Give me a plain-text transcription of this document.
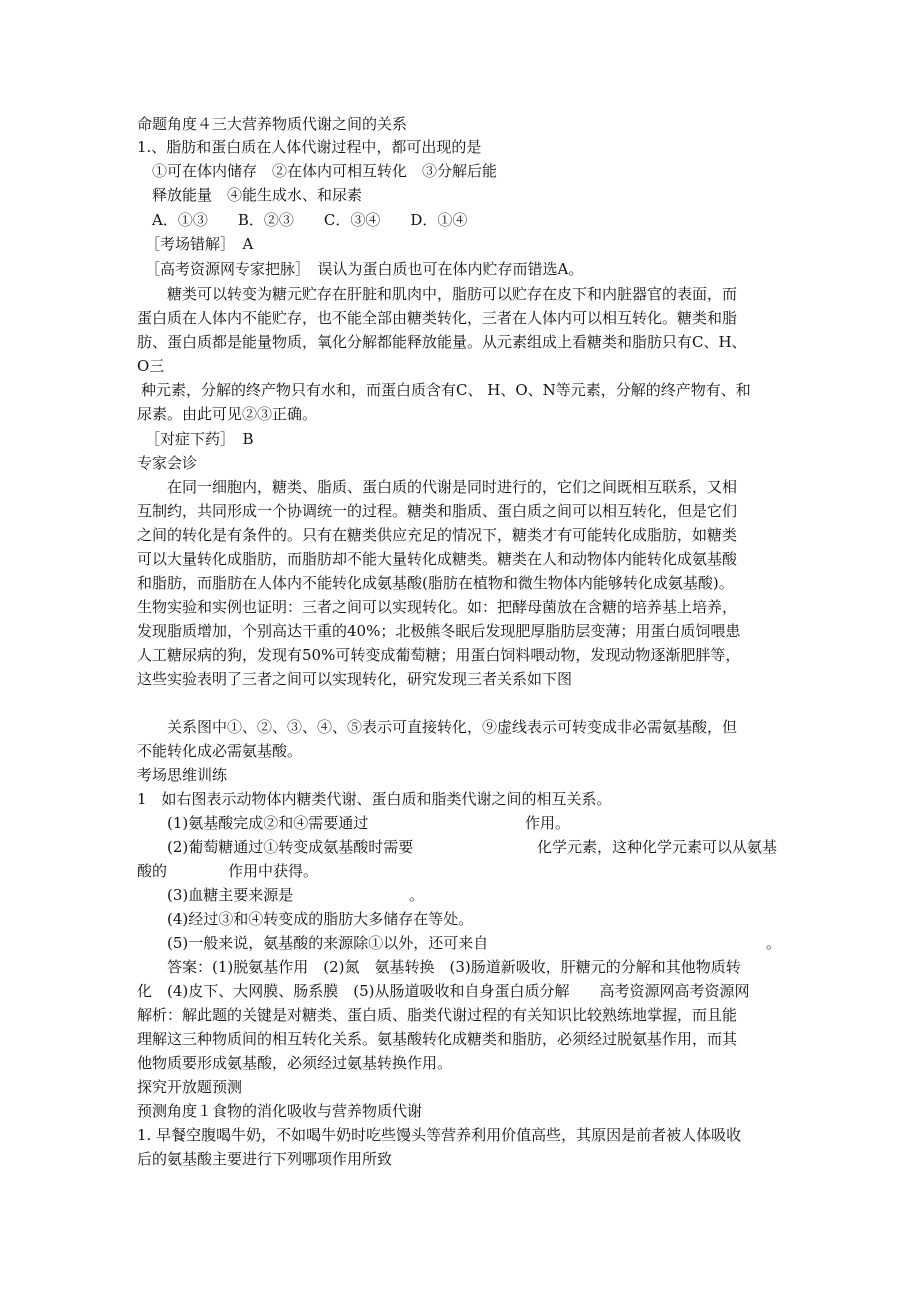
命题角度４三大营养物质代谢之间的关系
1.、脂肪和蛋白质在人体代谢过程中，都可出现的是
①可在体内储存　②在体内可相互转化　③分解后能
释放能量　④能生成水、和尿素
A．①③　　B．②③　　C．③④　　D．①④
［考场错解］　A
［高考资源网专家把脉］　误认为蛋白质也可在体内贮存而错选A。
糖类可以转变为糖元贮存在肝脏和肌肉中，脂肪可以贮存在皮下和内脏器官的表面，而
蛋白质在人体内不能贮存，也不能全部由糖类转化，三者在人体内可以相互转化。糖类和脂
肪、蛋白质都是能量物质，氧化分解都能释放能量。从元素组成上看糖类和脂肪只有C、H、
O三
种元素，分解的终产物只有水和，而蛋白质含有C、 H、O、N等元素，分解的终产物有、和
尿素。由此可见②③正确。
［对症下药］　B
专家会诊
在同一细胞内，糖类、脂质、蛋白质的代谢是同时进行的，它们之间既相互联系，又相
互制约，共同形成一个协调统一的过程。糖类和脂质、蛋白质之间可以相互转化，但是它们
之间的转化是有条件的。只有在糖类供应充足的情况下，糖类才有可能转化成脂肪，如糖类
可以大量转化成脂肪，而脂肪却不能大量转化成糖类。糖类在人和动物体内能转化成氨基酸
和脂肪，而脂肪在人体内不能转化成氨基酸(脂肪在植物和微生物体内能够转化成氨基酸)。
生物实验和实例也证明：三者之间可以实现转化。如：把酵母菌放在含糖的培养基上培养，
发现脂质增加，个别高达干重的40%；北极熊冬眠后发现肥厚脂肪层变薄；用蛋白质饲喂患
人工糖尿病的狗，发现有50%可转变成葡萄糖；用蛋白饲料喂动物，发现动物逐渐肥胖等，
这些实验表明了三者之间可以实现转化，研究发现三者关系如下图
关系图中①、②、③、④、⑤表示可直接转化，⑨虚线表示可转变成非必需氨基酸，但
不能转化成必需氨基酸。
考场思维训练
1　如右图表示动物体内糖类代谢、蛋白质和脂类代谢之间的相互关系。
(1)氨基酸完成②和④需要通过	作用。
(2)葡萄糖通过①转变成氨基酸时需要	化学元素，这种化学元素可以从氨基
酸的	作用中获得。
(3)血糖主要来源是	。
(4)经过③和④转变成的脂肪大多储存在等处。
(5)一般来说，氨基酸的来源除①以外，还可来自	。
答案：(1)脱氨基作用　(2)氮　氨基转换　(3)肠道新吸收，肝糖元的分解和其他物质转
化　(4)皮下、大网膜、肠系膜　(5)从肠道吸收和自身蛋白质分解　　高考资源网高考资源网
解析：解此题的关键是对糖类、蛋白质、脂类代谢过程的有关知识比较熟练地掌握，而且能
理解这三种物质间的相互转化关系。氨基酸转化成糖类和脂肪，必须经过脱氨基作用，而其
他物质要形成氨基酸，必须经过氨基转换作用。
探究开放题预测
预测角度１食物的消化吸收与营养物质代谢
1. 早餐空腹喝牛奶，不如喝牛奶时吃些馒头等营养利用价值高些，其原因是前者被人体吸收
后的氨基酸主要进行下列哪项作用所致
